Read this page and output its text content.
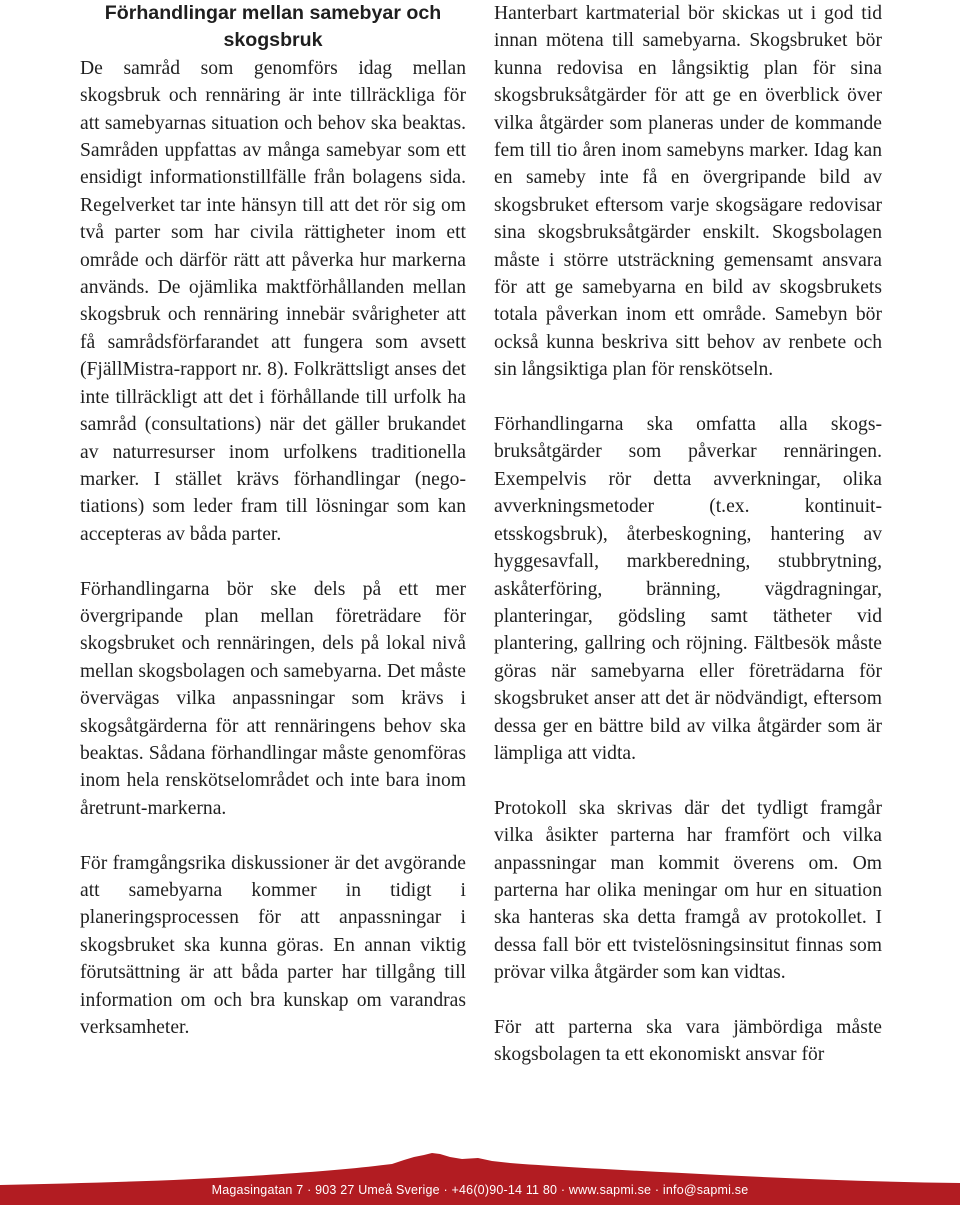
Förhandlingar mellan samebyar och
skogsbruk

De samråd som genomförs idag mellan skogsbruk och rennäring är inte tillräckliga för att samebyarnas situation och behov ska beaktas. Samråden uppfattas av många samebyar som ett ensidigt informationstillfälle från bolagens sida. Regelverket tar inte hänsyn till att det rör sig om två parter som har civila rättigheter inom ett område och därför rätt att påverka hur markerna används. De ojämlika maktförhållanden mellan skogsbruk och rennäring innebär svårigheter att få samrådsförfarandet att fungera som avsett (FjällMistra-rapport nr. 8). Folkrättsligt anses det inte tillräckligt att det i förhållande till urfolk ha samråd (consultations) när det gäller brukandet av naturresurser inom urfolkens traditionella marker. I stället krävs förhandlingar (negotiations) som leder fram till lösningar som kan accepteras av båda parter.

Förhandlingarna bör ske dels på ett mer övergripande plan mellan företrädare för skogsbruket och rennäringen, dels på lokal nivå mellan skogsbolagen och samebyarna. Det måste övervägas vilka anpassningar som krävs i skogsåtgärderna för att rennäringens behov ska beaktas. Sådana förhandlingar måste genomföras inom hela renskötselområdet och inte bara inom åretrunt-markerna.

För framgångsrika diskussioner är det avgörande att samebyarna kommer in tidigt i planeringsprocessen för att anpassningar i skogsbruket ska kunna göras. En annan viktig förutsättning är att båda parter har tillgång till information om och bra kunskap om varandras verksamheter.

Hanterbart kartmaterial bör skickas ut i god tid innan mötena till samebyarna. Skogsbruket bör kunna redovisa en långsiktig plan för sina skogsbruksåtgärder för att ge en överblick över vilka åtgärder som planeras under de kommande fem till tio åren inom samebyns marker. Idag kan en sameby inte få en övergripande bild av skogsbruket eftersom varje skogsägare redovisar sina skogsbruksåtgärder enskilt. Skogsbolagen måste i större utsträckning gemensamt ansvara för att ge samebyarna en bild av skogsbrukets totala påverkan inom ett område. Samebyn bör också kunna beskriva sitt behov av renbete och sin långsiktiga plan för renskötseln.

Förhandlingarna ska omfatta alla skogsbruksåtgärder som påverkar rennäringen. Exempelvis rör detta avverkningar, olika avverkningsmetoder (t.ex. kontinuitetsskogsbruk), återbeskogning, hantering av hyggesavfall, markberedning, stubbrytning, askåterföring, bränning, vägdragningar, planteringar, gödsling samt tätheter vid plantering, gallring och röjning. Fältbesök måste göras när samebyarna eller företrädarna för skogsbruket anser att det är nödvändigt, eftersom dessa ger en bättre bild av vilka åtgärder som är lämpliga att vidta.

Protokoll ska skrivas där det tydligt framgår vilka åsikter parterna har framfört och vilka anpassningar man kommit överens om. Om parterna har olika meningar om hur en situation ska hanteras ska detta framgå av protokollet. I dessa fall bör ett tvistelösningsinsitut finnas som prövar vilka åtgärder som kan vidtas.

För att parterna ska vara jämbördiga måste skogsbolagen ta ett ekonomiskt ansvar för

Magasingatan 7 · 903 27 Umeå Sverige · +46(0)90-14 11 80 · www.sapmi.se · info@sapmi.se
